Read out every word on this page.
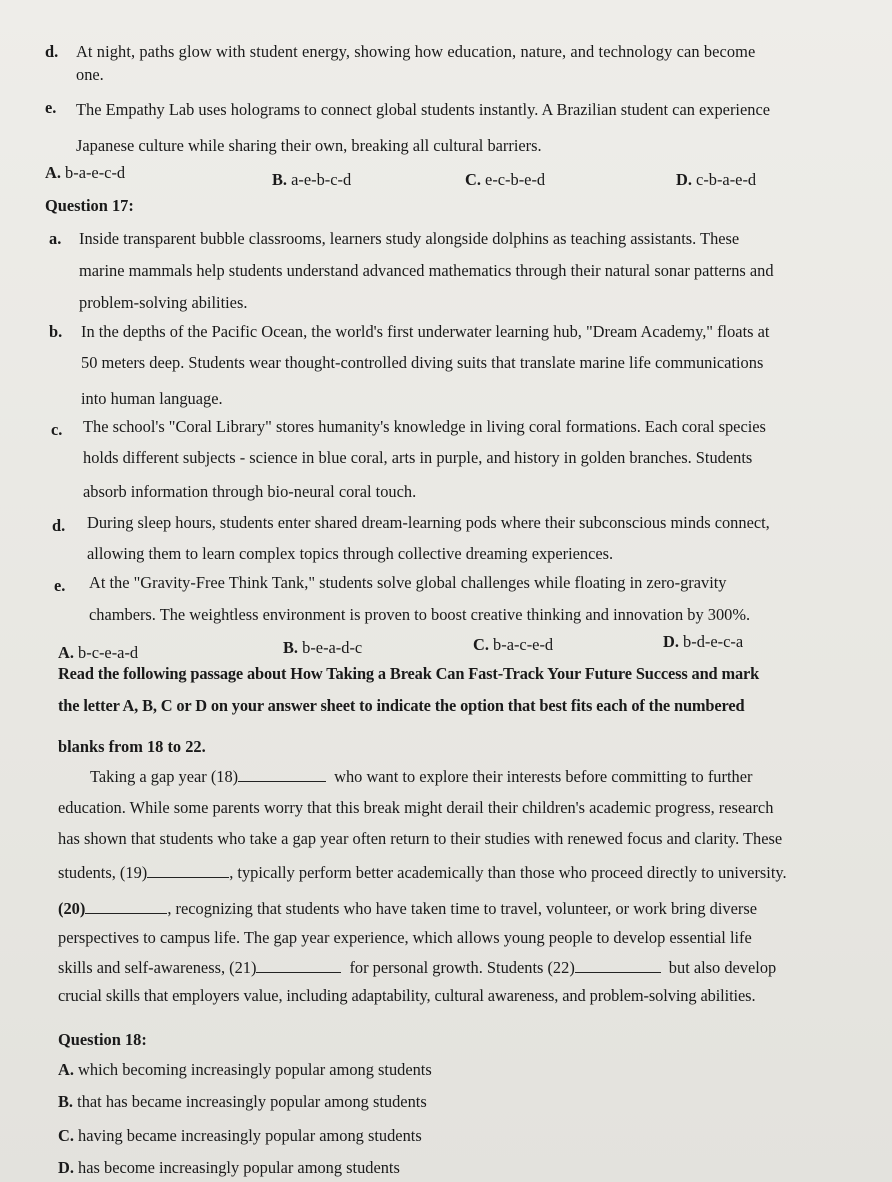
d. At night, paths glow with student energy, showing how education, nature, and technology can become
one.
e. The Empathy Lab uses holograms to connect global students instantly. A Brazilian student can experience
Japanese culture while sharing their own, breaking all cultural barriers.
A. b-a-e-c-d	B. a-e-b-c-d	C. e-c-b-e-d	D. c-b-a-e-d
Question 17:
a. Inside transparent bubble classrooms, learners study alongside dolphins as teaching assistants. These
marine mammals help students understand advanced mathematics through their natural sonar patterns and
problem-solving abilities.
b. In the depths of the Pacific Ocean, the world's first underwater learning hub, "Dream Academy," floats at
50 meters deep. Students wear thought-controlled diving suits that translate marine life communications
into human language.
c. The school's "Coral Library" stores humanity's knowledge in living coral formations. Each coral species
holds different subjects - science in blue coral, arts in purple, and history in golden branches. Students
absorb information through bio-neural coral touch.
d. During sleep hours, students enter shared dream-learning pods where their subconscious minds connect,
allowing them to learn complex topics through collective dreaming experiences.
e. At the "Gravity-Free Think Tank," students solve global challenges while floating in zero-gravity
chambers. The weightless environment is proven to boost creative thinking and innovation by 300%.
A. b-c-e-a-d	B. b-e-a-d-c	C. b-a-c-e-d	D. b-d-e-c-a
Read the following passage about How Taking a Break Can Fast-Track Your Future Success and mark
the letter A, B, C or D on your answer sheet to indicate the option that best fits each of the numbered
blanks from 18 to 22.
Taking a gap year (18)	who want to explore their interests before committing to further
education. While some parents worry that this break might derail their children's academic progress, research
has shown that students who take a gap year often return to their studies with renewed focus and clarity. These
students, (19)	, typically perform better academically than those who proceed directly to university.
(20)	, recognizing that students who have taken time to travel, volunteer, or work bring diverse
perspectives to campus life. The gap year experience, which allows young people to develop essential life
skills and self-awareness, (21)	for personal growth. Students (22)	but also develop
crucial skills that employers value, including adaptability, cultural awareness, and problem-solving abilities.
Question 18:
A. which becoming increasingly popular among students
B. that has became increasingly popular among students
C. having became increasingly popular among students
D. has become increasingly popular among students
